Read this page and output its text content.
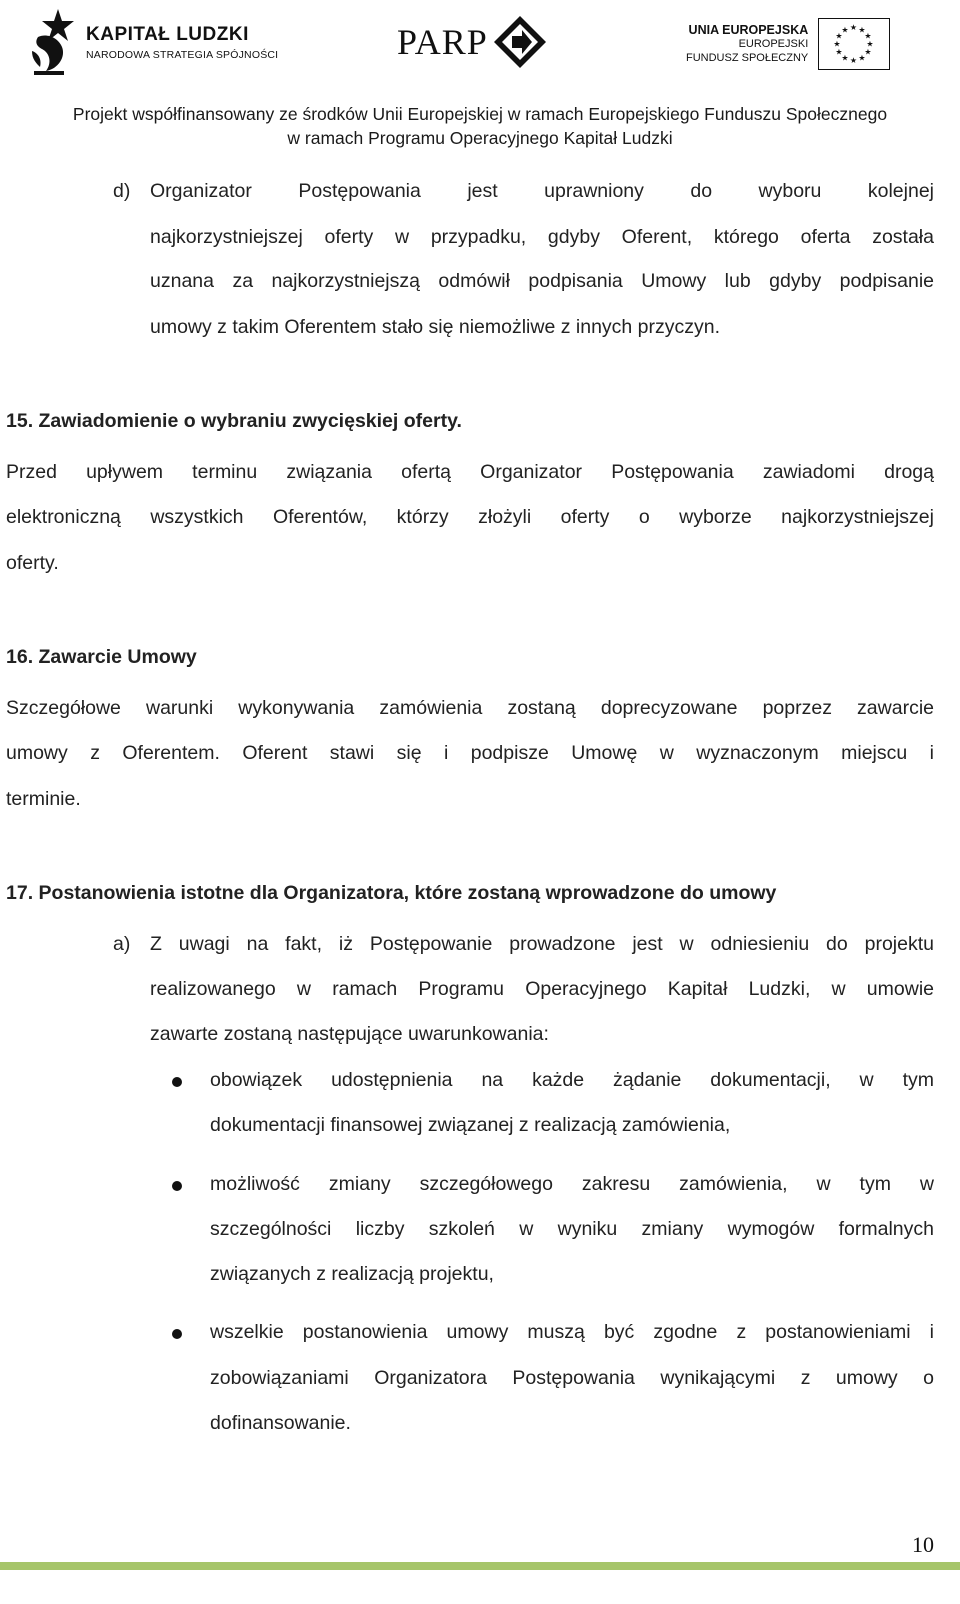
KAPITAŁ LUDZKI
NARODOWA STRATEGIA SPÓJNOŚCI	PARP	UNIA EUROPEJSKA
EUROPEJSKI
FUNDUSZ SPOŁECZNY
★ ★
★
★
★
★
★
★
★
★
★
★
Projekt współfinansowany ze środków Unii Europejskiej w ramach Europejskiego Funduszu Społecznego
w ramach Programu Operacyjnego Kapitał Ludzki
d) Organizator Postępowania jest uprawniony do wyboru kolejnej
najkorzystniejszej oferty w przypadku, gdyby Oferent, którego oferta została
uznana za najkorzystniejszą odmówił podpisania Umowy lub gdyby podpisanie
umowy z takim Oferentem stało się niemożliwe z innych przyczyn.
15. Zawiadomienie o wybraniu zwycięskiej oferty.
Przed upływem terminu związania ofertą Organizator Postępowania zawiadomi drogą
elektroniczną wszystkich Oferentów, którzy złożyli oferty o wyborze najkorzystniejszej
oferty.
16. Zawarcie Umowy
Szczegółowe warunki wykonywania zamówienia zostaną doprecyzowane poprzez zawarcie
umowy z Oferentem. Oferent stawi się i podpisze Umowę w wyznaczonym miejscu i
terminie.
17. Postanowienia istotne dla Organizatora, które zostaną wprowadzone do umowy
a) Z uwagi na fakt, iż Postępowanie prowadzone jest w odniesieniu do projektu
realizowanego w ramach Programu Operacyjnego Kapitał Ludzki, w umowie
zawarte zostaną następujące uwarunkowania:
obowiązek udostępnienia na każde żądanie dokumentacji, w tym
dokumentacji finansowej związanej z realizacją zamówienia,
możliwość zmiany szczegółowego zakresu zamówienia, w tym w
szczególności liczby szkoleń w wyniku zmiany wymogów formalnych
związanych z realizacją projektu,
wszelkie postanowienia umowy muszą być zgodne z postanowieniami i
zobowiązaniami Organizatora Postępowania wynikającymi z umowy o
dofinansowanie.
10
